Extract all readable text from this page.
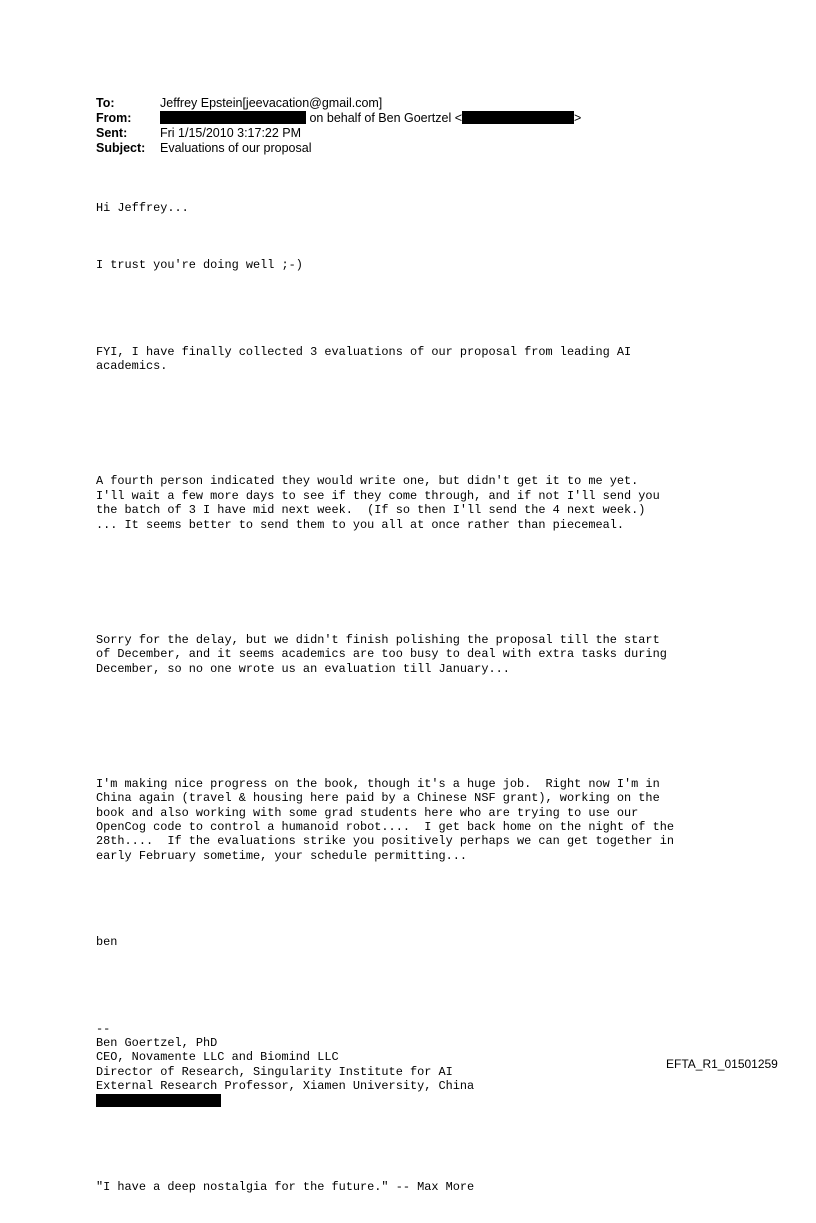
To:	Jeffrey Epstein[jeevacation@gmail.com]
From:	on behalf of Ben Goertzel <	>
Sent:	Fri 1/15/2010 3:17:22 PM
Subject: Evaluations of our proposal

Hi Jeffrey...

I trust you're doing well ;-)

FYI, I have finally collected 3 evaluations of our proposal from leading AI
academics.

A fourth person indicated they would write one, but didn't get it to me yet.
I'll wait a few more days to see if they come through, and if not I'll send you
the batch of 3 I have mid next week.  (If so then I'll send the 4 next week.)
... It seems better to send them to you all at once rather than piecemeal.

Sorry for the delay, but we didn't finish polishing the proposal till the start
of December, and it seems academics are too busy to deal with extra tasks during
December, so no one wrote us an evaluation till January...

I'm making nice progress on the book, though it's a huge job.  Right now I'm in
China again (travel & housing here paid by a Chinese NSF grant), working on the
book and also working with some grad students here who are trying to use our
OpenCog code to control a humanoid robot....  I get back home on the night of the
28th....  If the evaluations strike you positively perhaps we can get together in
early February sometime, your schedule permitting...

ben

--
Ben Goertzel, PhD
CEO, Novamente LLC and Biomind LLC
Director of Research, Singularity Institute for AI
External Research Professor, Xiamen University, China

"I have a deep nostalgia for the future." -- Max More

EFTA_R1_01501259
